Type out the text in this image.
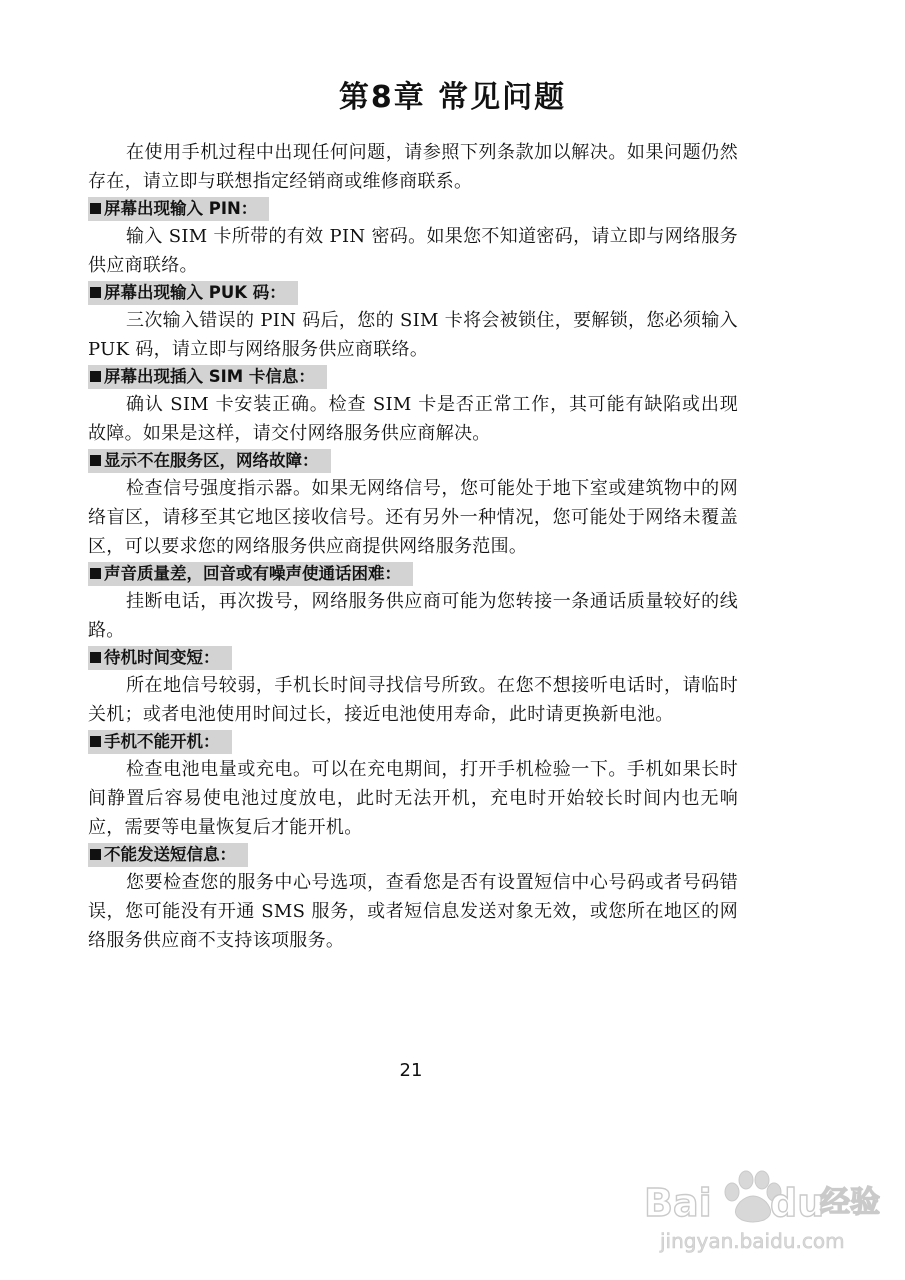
第8章 常见问题

在使用手机过程中出现任何问题，请参照下列条款加以解决。如果问题仍然存在，请立即与联想指定经销商或维修商联系。

屏幕出现输入 PIN：

输入 SIM 卡所带的有效 PIN 密码。如果您不知道密码，请立即与网络服务供应商联络。

屏幕出现输入 PUK 码：

三次输入错误的 PIN 码后，您的 SIM 卡将会被锁住，要解锁，您必须输入 PUK 码，请立即与网络服务供应商联络。

屏幕出现插入 SIM 卡信息：

确认 SIM 卡安装正确。检查 SIM 卡是否正常工作，其可能有缺陷或出现故障。如果是这样，请交付网络服务供应商解决。

显示不在服务区，网络故障：

检查信号强度指示器。如果无网络信号，您可能处于地下室或建筑物中的网络盲区，请移至其它地区接收信号。还有另外一种情况，您可能处于网络未覆盖区，可以要求您的网络服务供应商提供网络服务范围。

声音质量差，回音或有噪声使通话困难：

挂断电话，再次拨号，网络服务供应商可能为您转接一条通话质量较好的线路。

待机时间变短：

所在地信号较弱，手机长时间寻找信号所致。在您不想接听电话时，请临时关机；或者电池使用时间过长，接近电池使用寿命，此时请更换新电池。

手机不能开机：

检查电池电量或充电。可以在充电期间，打开手机检验一下。手机如果长时间静置后容易使电池过度放电，此时无法开机，充电时开始较长时间内也无响应，需要等电量恢复后才能开机。

不能发送短信息：

您要检查您的服务中心号选项，查看您是否有设置短信中心号码或者号码错误，您可能没有开通 SMS 服务，或者短信息发送对象无效，或您所在地区的网络服务供应商不支持该项服务。

21
Bai du
经验
jingyan.baidu.com
